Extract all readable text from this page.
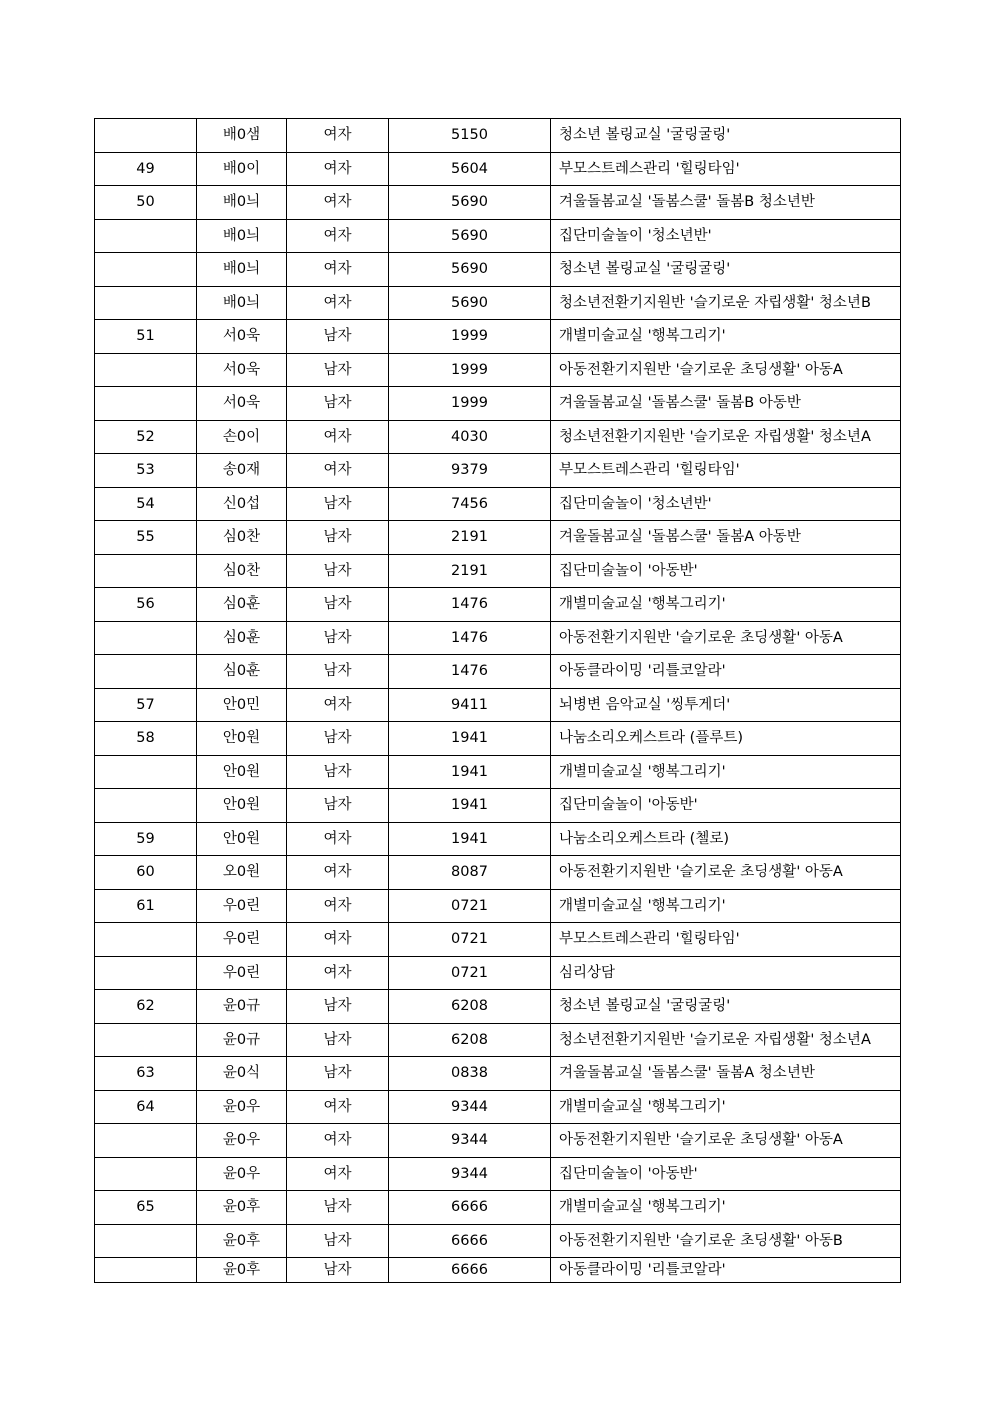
	배0샘	여자	5150	청소년 볼링교실 '굴링굴링'
49	배0이	여자	5604	부모스트레스관리 '힐링타임'
50	배0늬	여자	5690	겨울돌봄교실 '돌봄스쿨' 돌봄B 청소년반
	배0늬	여자	5690	집단미술놀이 '청소년반'
	배0늬	여자	5690	청소년 볼링교실 '굴링굴링'
	배0늬	여자	5690	청소년전환기지원반 '슬기로운 자립생활' 청소년B
51	서0욱	남자	1999	개별미술교실 '행복그리기'
	서0욱	남자	1999	아동전환기지원반 '슬기로운 초딩생활' 아동A
	서0욱	남자	1999	겨울돌봄교실 '돌봄스쿨' 돌봄B 아동반
52	손0이	여자	4030	청소년전환기지원반 '슬기로운 자립생활' 청소년A
53	송0재	여자	9379	부모스트레스관리 '힐링타임'
54	신0섭	남자	7456	집단미술놀이 '청소년반'
55	심0찬	남자	2191	겨울돌봄교실 '돌봄스쿨' 돌봄A 아동반
	심0찬	남자	2191	집단미술놀이 '아동반'
56	심0훈	남자	1476	개별미술교실 '행복그리기'
	심0훈	남자	1476	아동전환기지원반 '슬기로운 초딩생활' 아동A
	심0훈	남자	1476	아동클라이밍 '리틀코알라'
57	안0민	여자	9411	뇌병변 음악교실 '씽투게더'
58	안0원	남자	1941	나눔소리오케스트라 (플루트)
	안0원	남자	1941	개별미술교실 '행복그리기'
	안0원	남자	1941	집단미술놀이 '아동반'
59	안0원	여자	1941	나눔소리오케스트라 (첼로)
60	오0원	여자	8087	아동전환기지원반 '슬기로운 초딩생활' 아동A
61	우0린	여자	0721	개별미술교실 '행복그리기'
	우0린	여자	0721	부모스트레스관리 '힐링타임'
	우0린	여자	0721	심리상담
62	윤0규	남자	6208	청소년 볼링교실 '굴링굴링'
	윤0규	남자	6208	청소년전환기지원반 '슬기로운 자립생활' 청소년A
63	윤0식	남자	0838	겨울돌봄교실 '돌봄스쿨' 돌봄A 청소년반
64	윤0우	여자	9344	개별미술교실 '행복그리기'
	윤0우	여자	9344	아동전환기지원반 '슬기로운 초딩생활' 아동A
	윤0우	여자	9344	집단미술놀이 '아동반'
65	윤0후	남자	6666	개별미술교실 '행복그리기'
	윤0후	남자	6666	아동전환기지원반 '슬기로운 초딩생활' 아동B
	윤0후	남자	6666	아동클라이밍 '리틀코알라'
